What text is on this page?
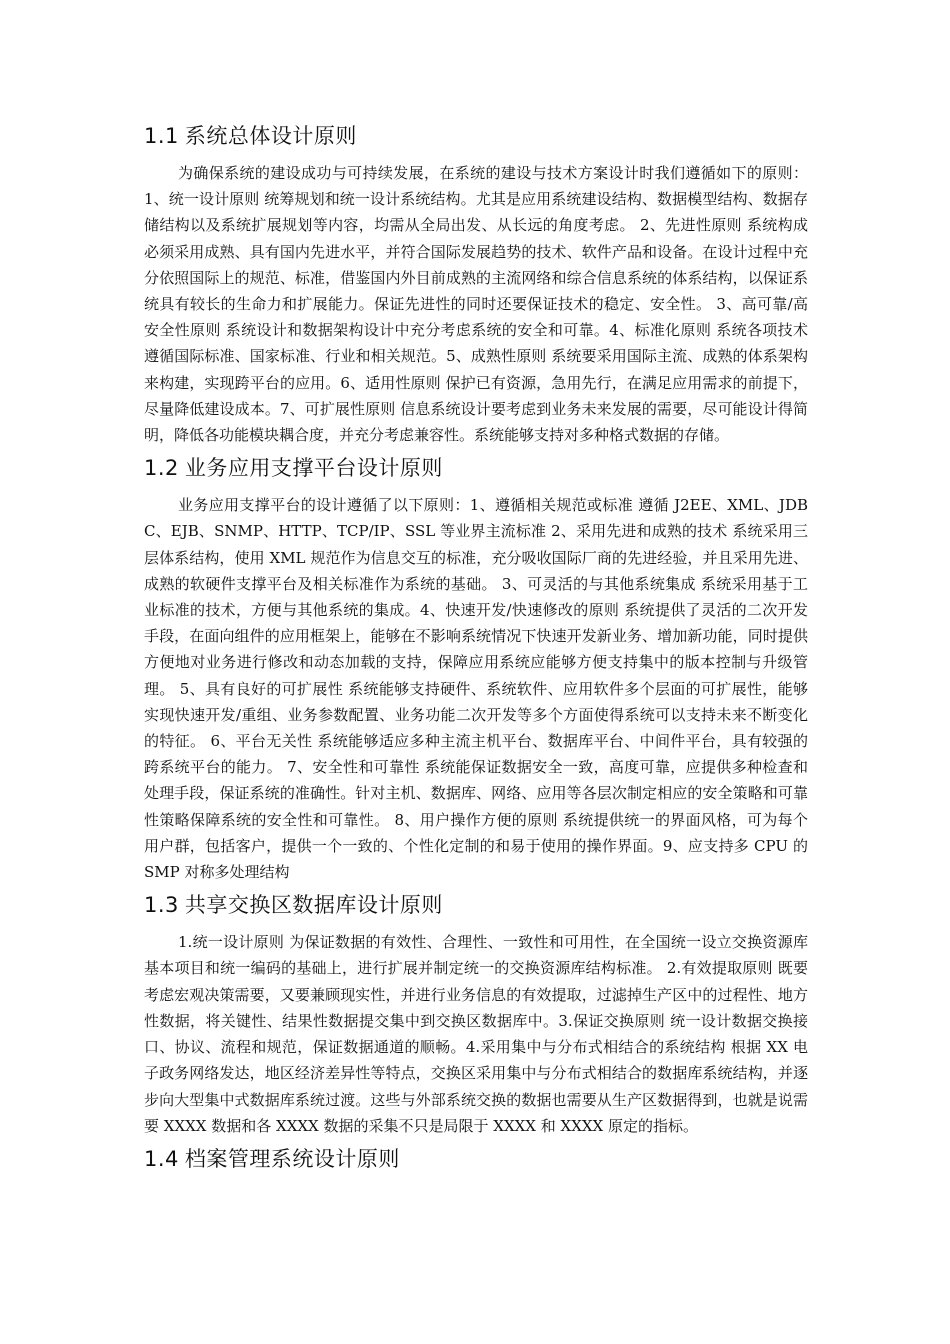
1.1 系统总体设计原则

为确保系统的建设成功与可持续发展，在系统的建设与技术方案设计时我们遵循如下的原则：1、统一设计原则 统筹规划和统一设计系统结构。尤其是应用系统建设结构、数据模型结构、数据存储结构以及系统扩展规划等内容，均需从全局出发、从长远的角度考虑。 2、先进性原则 系统构成必须采用成熟、具有国内先进水平，并符合国际发展趋势的技术、软件产品和设备。在设计过程中充分依照国际上的规范、标准，借鉴国内外目前成熟的主流网络和综合信息系统的体系结构，以保证系统具有较长的生命力和扩展能力。保证先进性的同时还要保证技术的稳定、安全性。 3、高可靠/高安全性原则 系统设计和数据架构设计中充分考虑系统的安全和可靠。4、标准化原则 系统各项技术遵循国际标准、国家标准、行业和相关规范。5、成熟性原则 系统要采用国际主流、成熟的体系架构来构建，实现跨平台的应用。6、适用性原则 保护已有资源，急用先行，在满足应用需求的前提下，尽量降低建设成本。7、可扩展性原则 信息系统设计要考虑到业务未来发展的需要，尽可能设计得简明，降低各功能模块耦合度，并充分考虑兼容性。系统能够支持对多种格式数据的存储。

1.2 业务应用支撑平台设计原则

业务应用支撑平台的设计遵循了以下原则：1、遵循相关规范或标准 遵循 J2EE、XML、JDBC、EJB、SNMP、HTTP、TCP/IP、SSL 等业界主流标准 2、采用先进和成熟的技术 系统采用三层体系结构，使用 XML 规范作为信息交互的标准，充分吸收国际厂商的先进经验，并且采用先进、成熟的软硬件支撑平台及相关标准作为系统的基础。 3、可灵活的与其他系统集成 系统采用基于工业标准的技术，方便与其他系统的集成。4、快速开发/快速修改的原则 系统提供了灵活的二次开发手段，在面向组件的应用框架上，能够在不影响系统情况下快速开发新业务、增加新功能，同时提供方便地对业务进行修改和动态加载的支持，保障应用系统应能够方便支持集中的版本控制与升级管理。 5、具有良好的可扩展性 系统能够支持硬件、系统软件、应用软件多个层面的可扩展性，能够实现快速开发/重组、业务参数配置、业务功能二次开发等多个方面使得系统可以支持未来不断变化的特征。 6、平台无关性 系统能够适应多种主流主机平台、数据库平台、中间件平台，具有较强的跨系统平台的能力。 7、安全性和可靠性 系统能保证数据安全一致，高度可靠，应提供多种检查和处理手段，保证系统的准确性。针对主机、数据库、网络、应用等各层次制定相应的安全策略和可靠性策略保障系统的安全性和可靠性。 8、用户操作方便的原则 系统提供统一的界面风格，可为每个用户群，包括客户，提供一个一致的、个性化定制的和易于使用的操作界面。9、应支持多 CPU 的 SMP 对称多处理结构

1.3 共享交换区数据库设计原则

1.统一设计原则 为保证数据的有效性、合理性、一致性和可用性，在全国统一设立交换资源库基本项目和统一编码的基础上，进行扩展并制定统一的交换资源库结构标准。 2.有效提取原则 既要考虑宏观决策需要，又要兼顾现实性，并进行业务信息的有效提取，过滤掉生产区中的过程性、地方性数据，将关键性、结果性数据提交集中到交换区数据库中。3.保证交换原则 统一设计数据交换接口、协议、流程和规范，保证数据通道的顺畅。4.采用集中与分布式相结合的系统结构 根据 XX 电子政务网络发达，地区经济差异性等特点，交换区采用集中与分布式相结合的数据库系统结构，并逐步向大型集中式数据库系统过渡。这些与外部系统交换的数据也需要从生产区数据得到，也就是说需要 XXXX 数据和各 XXXX 数据的采集不只是局限于 XXXX 和 XXXX 原定的指标。

1.4 档案管理系统设计原则
